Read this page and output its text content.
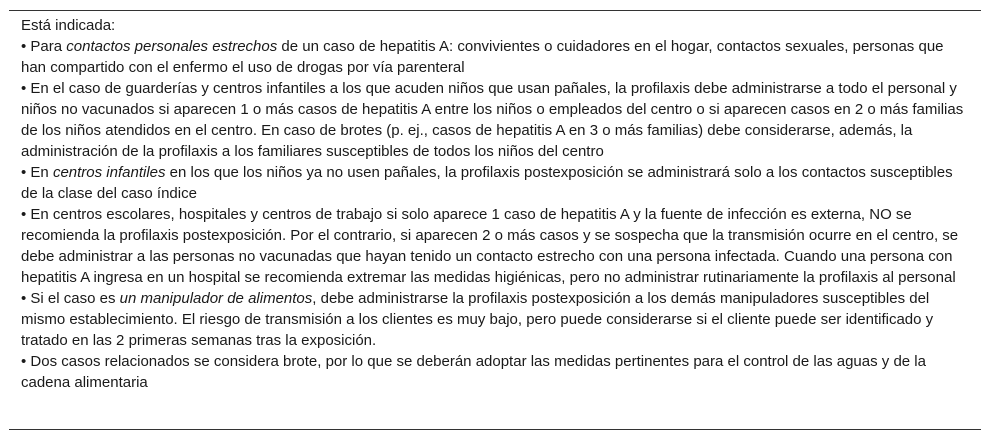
Está indicada:

• Para contactos personales estrechos de un caso de hepatitis A: convivientes o cuidadores en el hogar, contactos sexuales, personas que han compartido con el enfermo el uso de drogas por vía parenteral

• En el caso de guarderías y centros infantiles a los que acuden niños que usan pañales, la profilaxis debe administrarse a todo el personal y niños no vacunados si aparecen 1 o más casos de hepatitis A entre los niños o empleados del centro o si aparecen casos en 2 o más familias de los niños atendidos en el centro. En caso de brotes (p. ej., casos de hepatitis A en 3 o más familias) debe considerarse, además, la administración de la profilaxis a los familiares susceptibles de todos los niños del centro

• En centros infantiles en los que los niños ya no usen pañales, la profilaxis postexposición se administrará solo a los contactos susceptibles de la clase del caso índice

• En centros escolares, hospitales y centros de trabajo si solo aparece 1 caso de hepatitis A y la fuente de infección es externa, NO se recomienda la profilaxis postexposición. Por el contrario, si aparecen 2 o más casos y se sospecha que la transmisión ocurre en el centro, se debe administrar a las personas no vacunadas que hayan tenido un contacto estrecho con una persona infectada. Cuando una persona con hepatitis A ingresa en un hospital se recomienda extremar las medidas higiénicas, pero no administrar rutinariamente la profilaxis al personal

• Si el caso es un manipulador de alimentos, debe administrarse la profilaxis postexposición a los demás manipuladores susceptibles del mismo establecimiento. El riesgo de transmisión a los clientes es muy bajo, pero puede considerarse si el cliente puede ser identificado y tratado en las 2 primeras semanas tras la exposición.

• Dos casos relacionados se considera brote, por lo que se deberán adoptar las medidas pertinentes para el control de las aguas y de la cadena alimentaria
